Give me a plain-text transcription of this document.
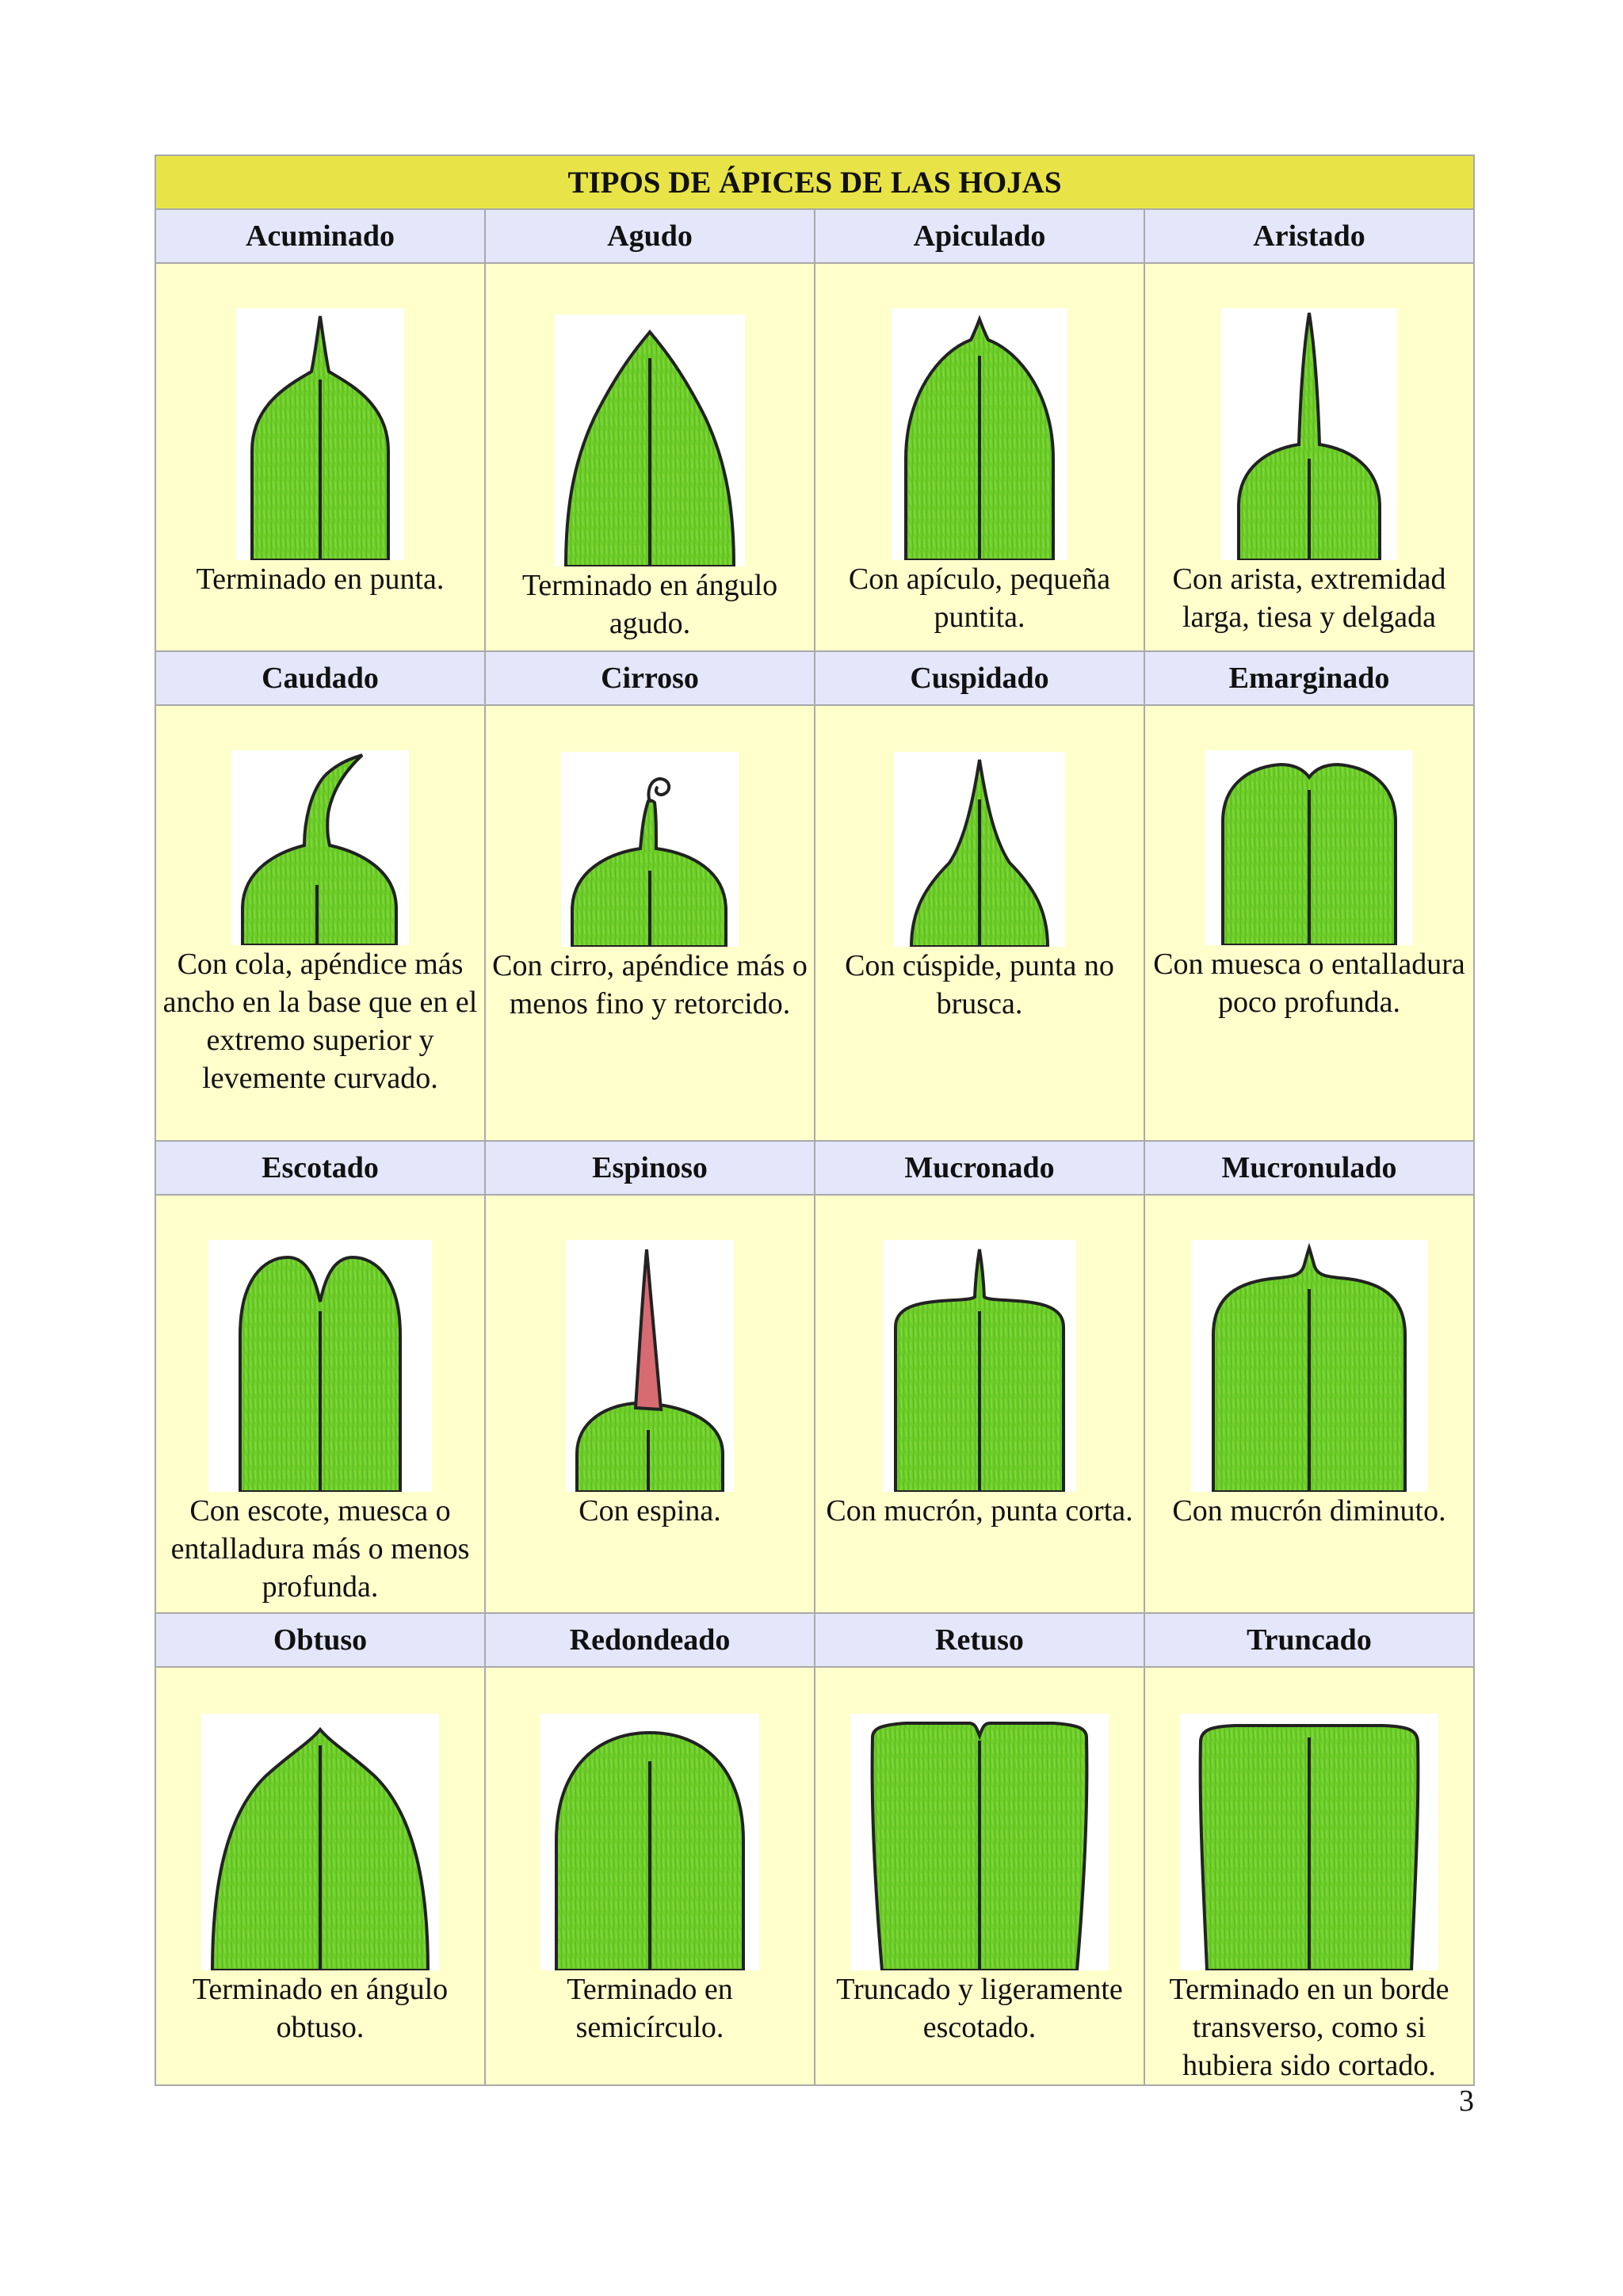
TIPOS DE ÁPICES DE LAS HOJAS			
Acuminado	Agudo	Apiculado	Aristado

Terminado en punta.	Terminado en ángulo agudo.	Con apículo, pequeña puntita.	Con arista, extremidad larga, tiesa y delgada

Caudado	Cirroso	Cuspidado	Emarginado

Con cola, apéndice más ancho en la base que en el extremo superior y levemente curvado.	Con cirro, apéndice más o menos fino y retorcido.	Con cúspide, punta no brusca.	Con muesca o entalladura poco profunda.

Escotado	Espinoso	Mucronado	Mucronulado

Con escote, muesca o entalladura más o menos profunda.	Con espina.	Con mucrón, punta corta.	Con mucrón diminuto.

Obtuso	Redondeado	Retuso	Truncado

Terminado en ángulo obtuso.	Terminado en semicírculo.	Truncado y ligeramente escotado.	Terminado en un borde transverso, como si hubiera sido cortado.
3
